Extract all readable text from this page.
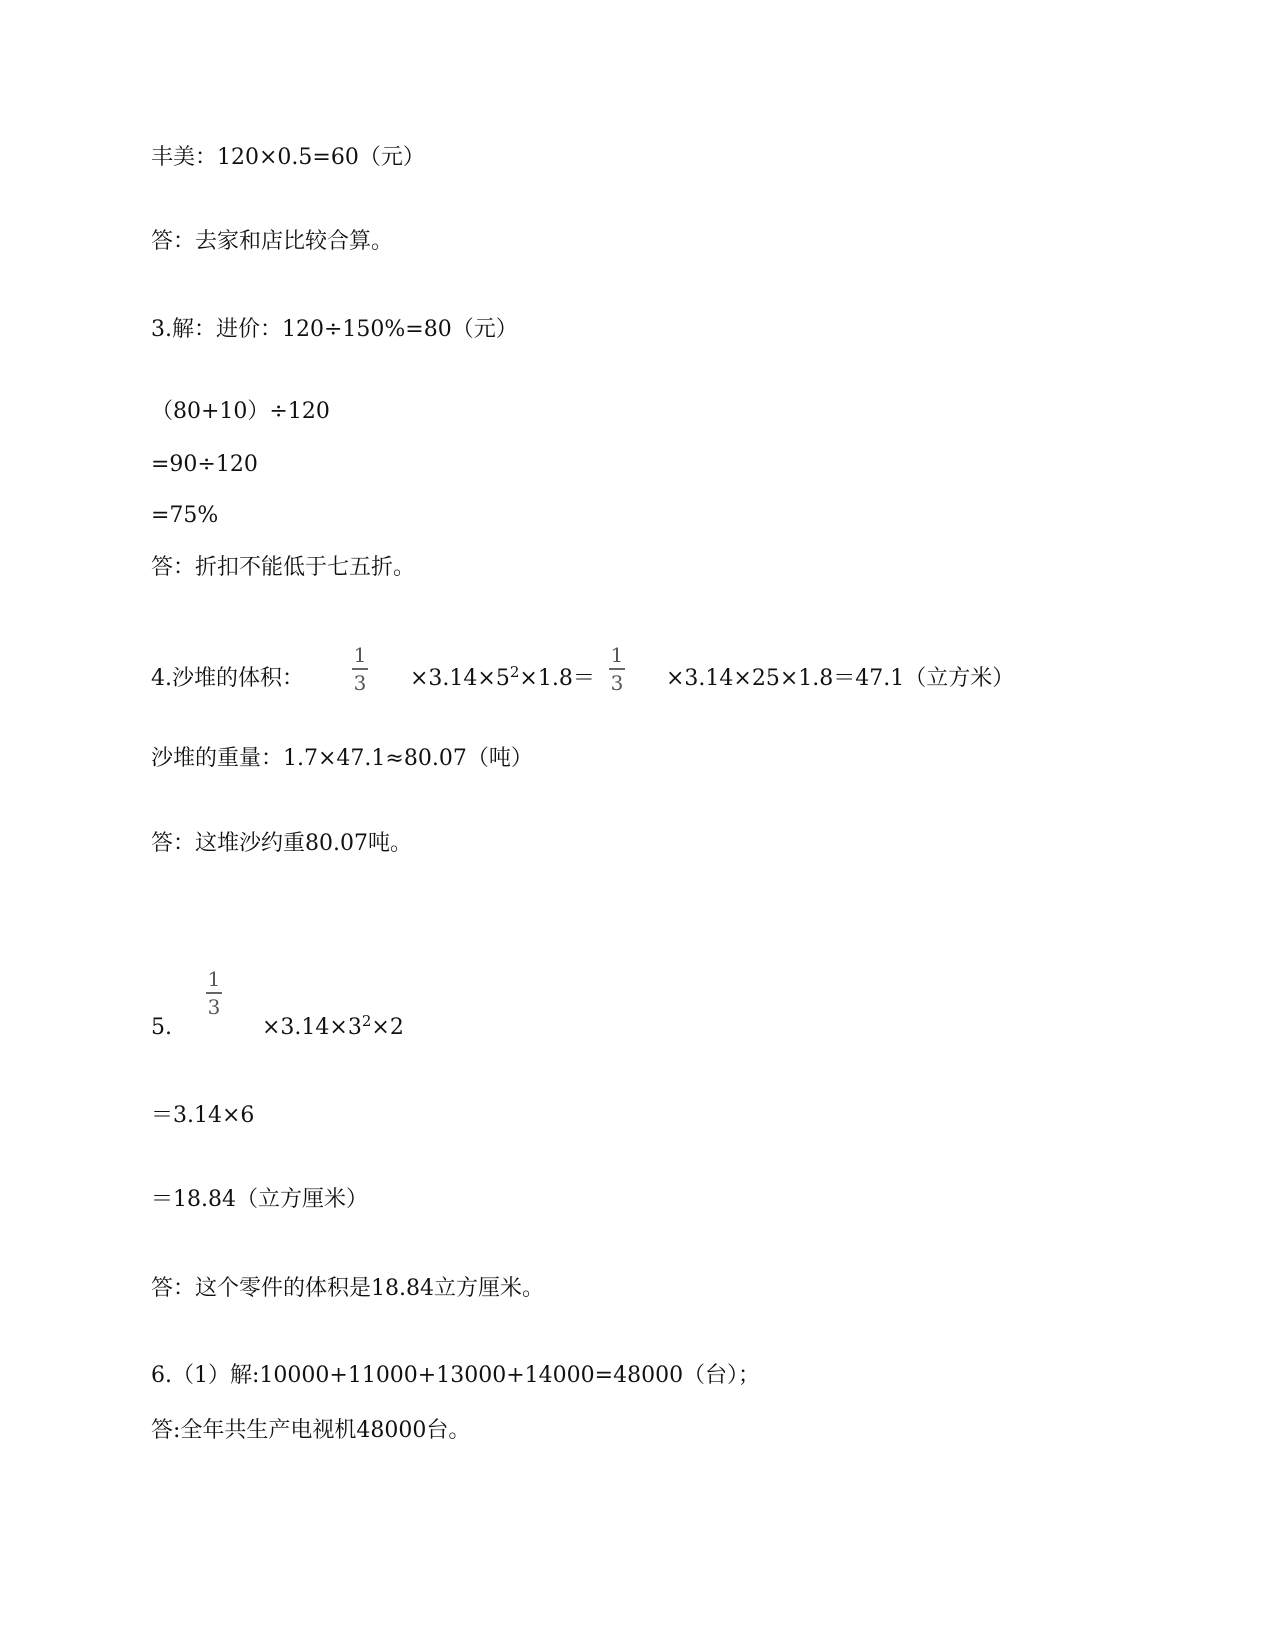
丰美：120×0.5=60（元）
答：去家和店比较合算。
3.解：进价：120÷150%=80（元）
（80+10）÷120
=90÷120
=75%
答：折扣不能低于七五折。
4.沙堆的体积：
1
$3 \times 3.14\times 5^2\times 1.8=$
1
3 ×3.14×25×1.8＝47.1（立方米）
沙堆的重量：1.7×47.1≈80.07（吨）
答：这堆沙约重80.07吨。
5.
1
3
$\times 3.14\times 3^2\times 2$
＝3.14×6
＝18.84（立方厘米）
答：这个零件的体积是18.84立方厘米。
6.（1）解:10000+11000+13000+14000=48000（台）；
答:全年共生产电视机48000台。
